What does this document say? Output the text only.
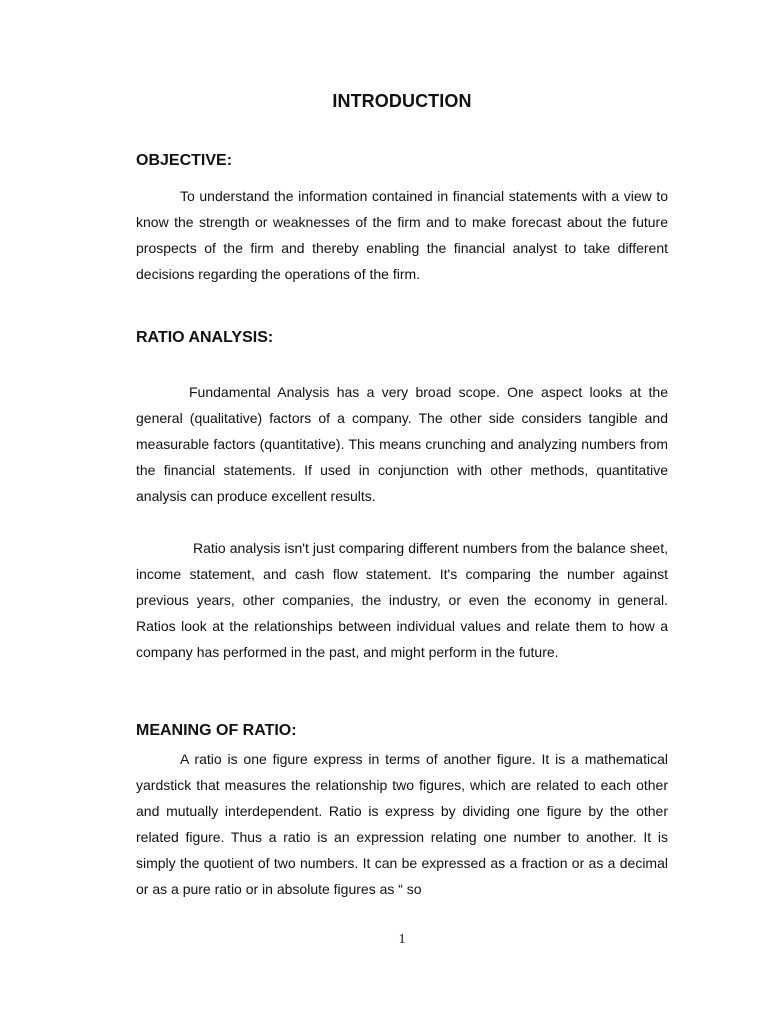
INTRODUCTION
OBJECTIVE:

To understand the information contained in financial statements with a view to know the strength or weaknesses of the firm and to make forecast about the future prospects of the firm and thereby enabling the financial analyst to take different decisions regarding the operations of the firm.

RATIO ANALYSIS:

Fundamental Analysis has a very broad scope. One aspect looks at the general (qualitative) factors of a company. The other side considers tangible and measurable factors (quantitative). This means crunching and analyzing numbers from the financial statements. If used in conjunction with other methods, quantitative analysis can produce excellent results.

Ratio analysis isn't just comparing different numbers from the balance sheet, income statement, and cash flow statement. It's comparing the number against previous years, other companies, the industry, or even the economy in general. Ratios look at the relationships between individual values and relate them to how a company has performed in the past, and might perform in the future.

MEANING OF RATIO:

A ratio is one figure express in terms of another figure. It is a mathematical yardstick that measures the relationship two figures, which are related to each other and mutually interdependent. Ratio is express by dividing one figure by the other related figure. Thus a ratio is an expression relating one number to another. It is simply the quotient of two numbers. It can be expressed as a fraction or as a decimal or as a pure ratio or in absolute figures as “ so

1
